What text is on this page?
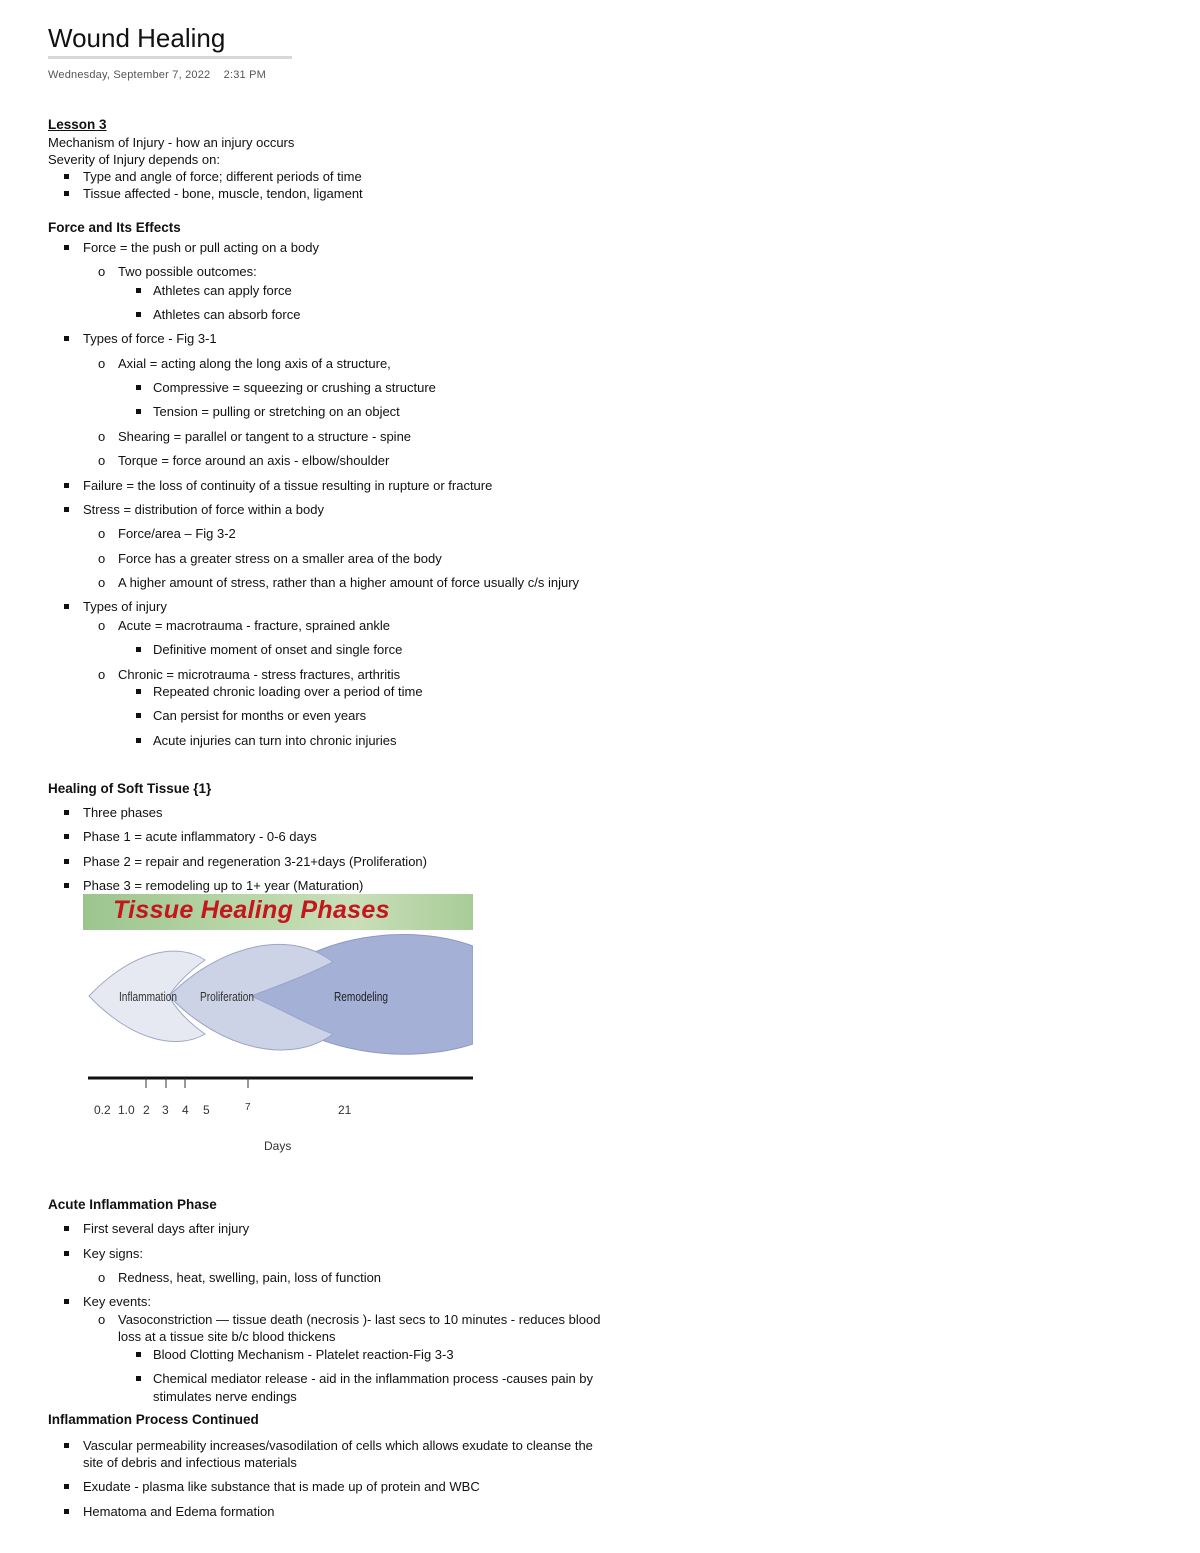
Wound Healing
Wednesday, September 7, 2022 2:31 PM
Lesson 3
Mechanism of Injury - how an injury occurs
Severity of Injury depends on:
Type and angle of force; different periods of time
Tissue affected - bone, muscle, tendon, ligament
Force and Its Effects
Force = the push or pull acting on a body
o Two possible outcomes:
Athletes can apply force
Athletes can absorb force
Types of force - Fig 3-1
o Axial = acting along the long axis of a structure,
Compressive = squeezing or crushing a structure
Tension = pulling or stretching on an object
o Shearing = parallel or tangent to a structure - spine
o Torque = force around an axis - elbow/shoulder
Failure = the loss of continuity of a tissue resulting in rupture or fracture
Stress = distribution of force within a body
o Force/area – Fig 3-2
o Force has a greater stress on a smaller area of the body
o A higher amount of stress, rather than a higher amount of force usually c/s injury
Types of injury
o Acute = macrotrauma - fracture, sprained ankle
Definitive moment of onset and single force
o Chronic = microtrauma - stress fractures, arthritis
Repeated chronic loading over a period of time
Can persist for months or even years
Acute injuries can turn into chronic injuries
Healing of Soft Tissue {1}
Three phases
Phase 1 = acute inflammatory - 0-6 days
Phase 2 = repair and regeneration 3-21+days (Proliferation)
Phase 3 = remodeling up to 1+ year (Maturation)
Tissue Healing Phases
Inflammation Proliferation	Remodeling
0.2 1.0 2 3 4 5	7	21
Days
Acute Inflammation Phase
First several days after injury
Key signs:
o Redness, heat, swelling, pain, loss of function
Key events:
o Vasoconstriction — tissue death (necrosis )- last secs to 10 minutes - reduces blood
loss at a tissue site b/c blood thickens
Blood Clotting Mechanism - Platelet reaction-Fig 3-3
Chemical mediator release - aid in the inflammation process -causes pain by
stimulates nerve endings
Inflammation Process Continued
Vascular permeability increases/vasodilation of cells which allows exudate to cleanse the
site of debris and infectious materials
Exudate - plasma like substance that is made up of protein and WBC
Hematoma and Edema formation
